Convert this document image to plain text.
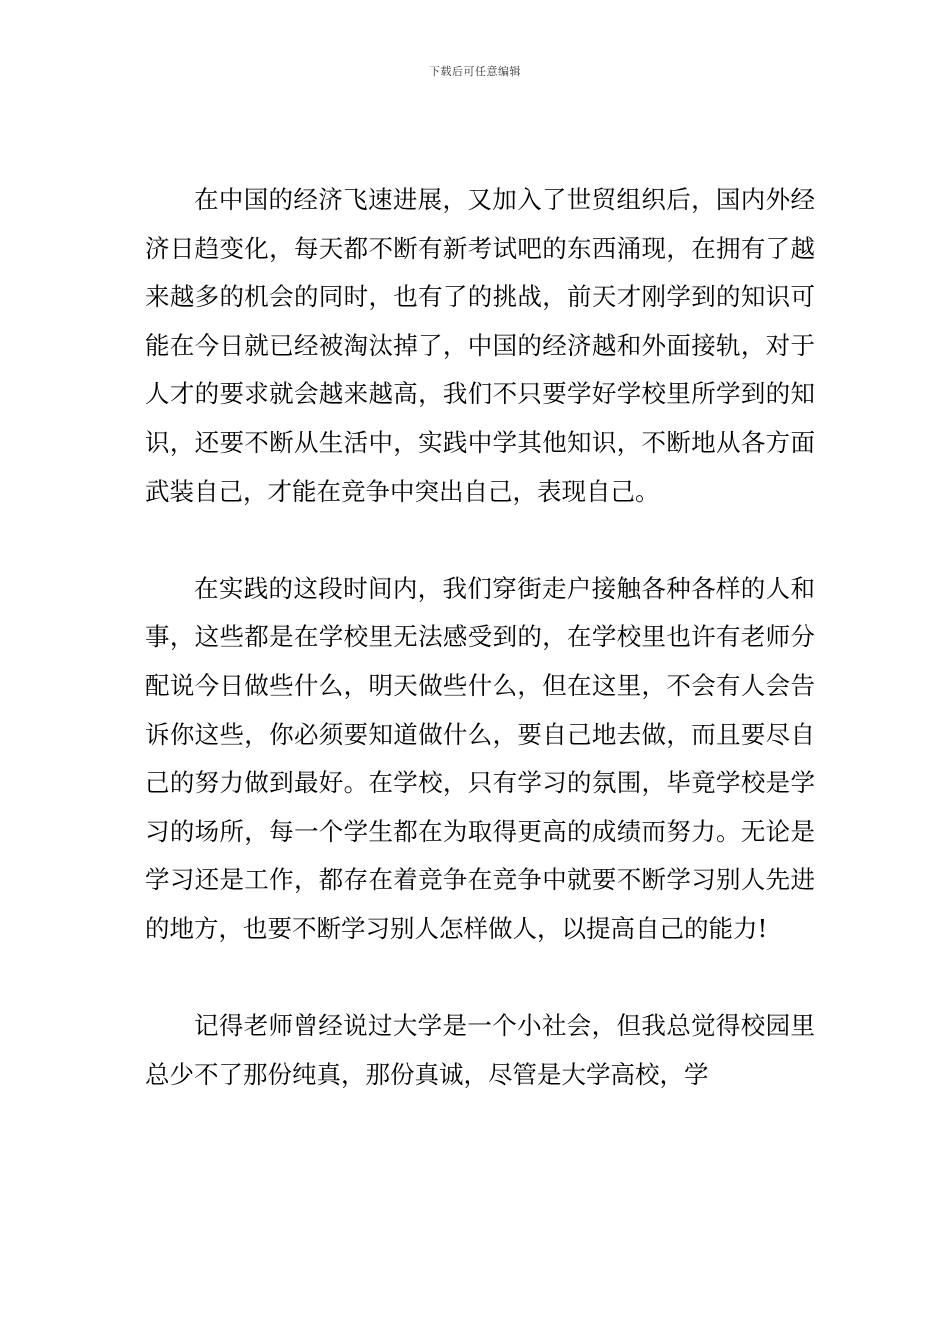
下载后可任意编辑

在中国的经济飞速进展，又加入了世贸组织后，国内外经济日趋变化，每天都不断有新考试吧的东西涌现，在拥有了越来越多的机会的同时，也有了的挑战，前天才刚学到的知识可能在今日就已经被淘汰掉了，中国的经济越和外面接轨，对于人才的要求就会越来越高，我们不只要学好学校里所学到的知识，还要不断从生活中，实践中学其他知识，不断地从各方面武装自己，才能在竞争中突出自己，表现自己。

在实践的这段时间内，我们穿街走户接触各种各样的人和事，这些都是在学校里无法感受到的，在学校里也许有老师分配说今日做些什么，明天做些什么，但在这里，不会有人会告诉你这些，你必须要知道做什么，要自己地去做，而且要尽自己的努力做到最好。在学校，只有学习的氛围，毕竟学校是学习的场所，每一个学生都在为取得更高的成绩而努力。无论是学习还是工作，都存在着竞争在竞争中就要不断学习别人先进的地方，也要不断学习别人怎样做人，以提高自己的能力!

记得老师曾经说过大学是一个小社会，但我总觉得校园里总少不了那份纯真，那份真诚，尽管是大学高校，学
